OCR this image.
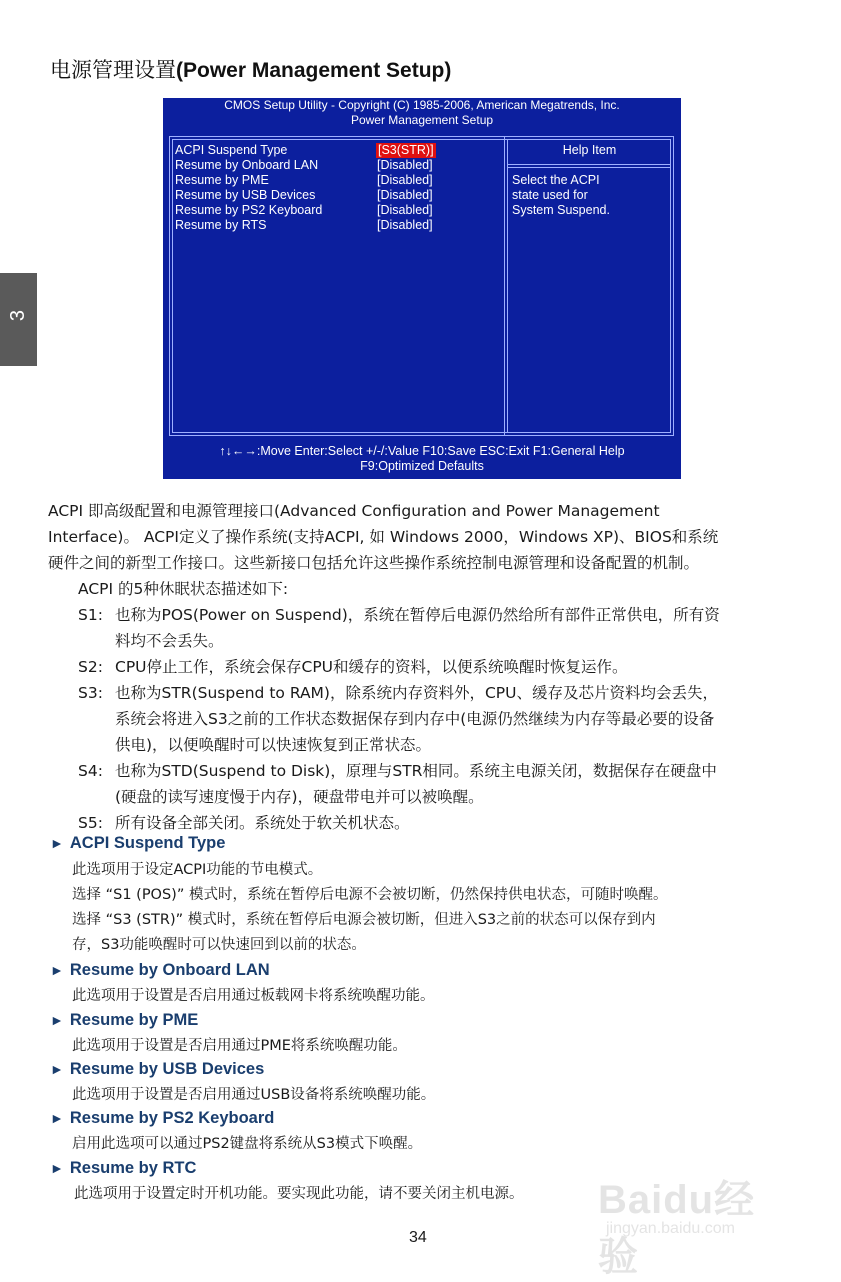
3
电源管理设置(Power Management Setup)
CMOS Setup Utility - Copyright (C) 1985-2006, American Megatrends, Inc.
Power Management Setup
ACPI Suspend Type	[S3(STR)]
Resume by Onboard LAN	[Disabled]
Resume by PME	[Disabled]
Resume by USB Devices	[Disabled]
Resume by PS2 Keyboard	[Disabled]
Resume by RTS	[Disabled]
Help Item
Select the ACPI
state used for
System Suspend.
↑↓←→:Move Enter:Select +/-/:Value F10:Save ESC:Exit F1:General Help
F9:Optimized Defaults
ACPI 即高级配置和电源管理接口(Advanced Configuration and Power Management
Interface)。 ACPI定义了操作系统(支持ACPI, 如 Windows 2000，Windows XP)、BIOS和系统
硬件之间的新型工作接口。这些新接口包括允许这些操作系统控制电源管理和设备配置的机制。
ACPI 的5种休眠状态描述如下:
S1: 也称为POS(Power on Suspend)，系统在暂停后电源仍然给所有部件正常供电，所有资
料均不会丢失。
S2: CPU停止工作，系统会保存CPU和缓存的资料，以便系统唤醒时恢复运作。
S3: 也称为STR(Suspend to RAM)，除系统内存资料外，CPU、缓存及芯片资料均会丢失，
系统会将进入S3之前的工作状态数据保存到内存中(电源仍然继续为内存等最必要的设备
供电)，以便唤醒时可以快速恢复到正常状态。
S4: 也称为STD(Suspend to Disk)，原理与STR相同。系统主电源关闭，数据保存在硬盘中
(硬盘的读写速度慢于内存)，硬盘带电并可以被唤醒。
S5: 所有设备全部关闭。系统处于软关机状态。
► ACPI Suspend Type
此选项用于设定ACPI功能的节电模式。
选择 “S1 (POS)” 模式时，系统在暂停后电源不会被切断，仍然保持供电状态，可随时唤醒。
选择 “S3 (STR)” 模式时，系统在暂停后电源会被切断，但进入S3之前的状态可以保存到内
存，S3功能唤醒时可以快速回到以前的状态。
► Resume by Onboard LAN
此选项用于设置是否启用通过板载网卡将系统唤醒功能。
► Resume by PME
此选项用于设置是否启用通过PME将系统唤醒功能。
► Resume by USB Devices
此选项用于设置是否启用通过USB设备将系统唤醒功能。
► Resume by PS2 Keyboard
启用此选项可以通过PS2键盘将系统从S3模式下唤醒。
► Resume by RTC
此选项用于设置定时开机功能。要实现此功能，请不要关闭主机电源。 Baidu经验
jingyan.baidu.com
34
